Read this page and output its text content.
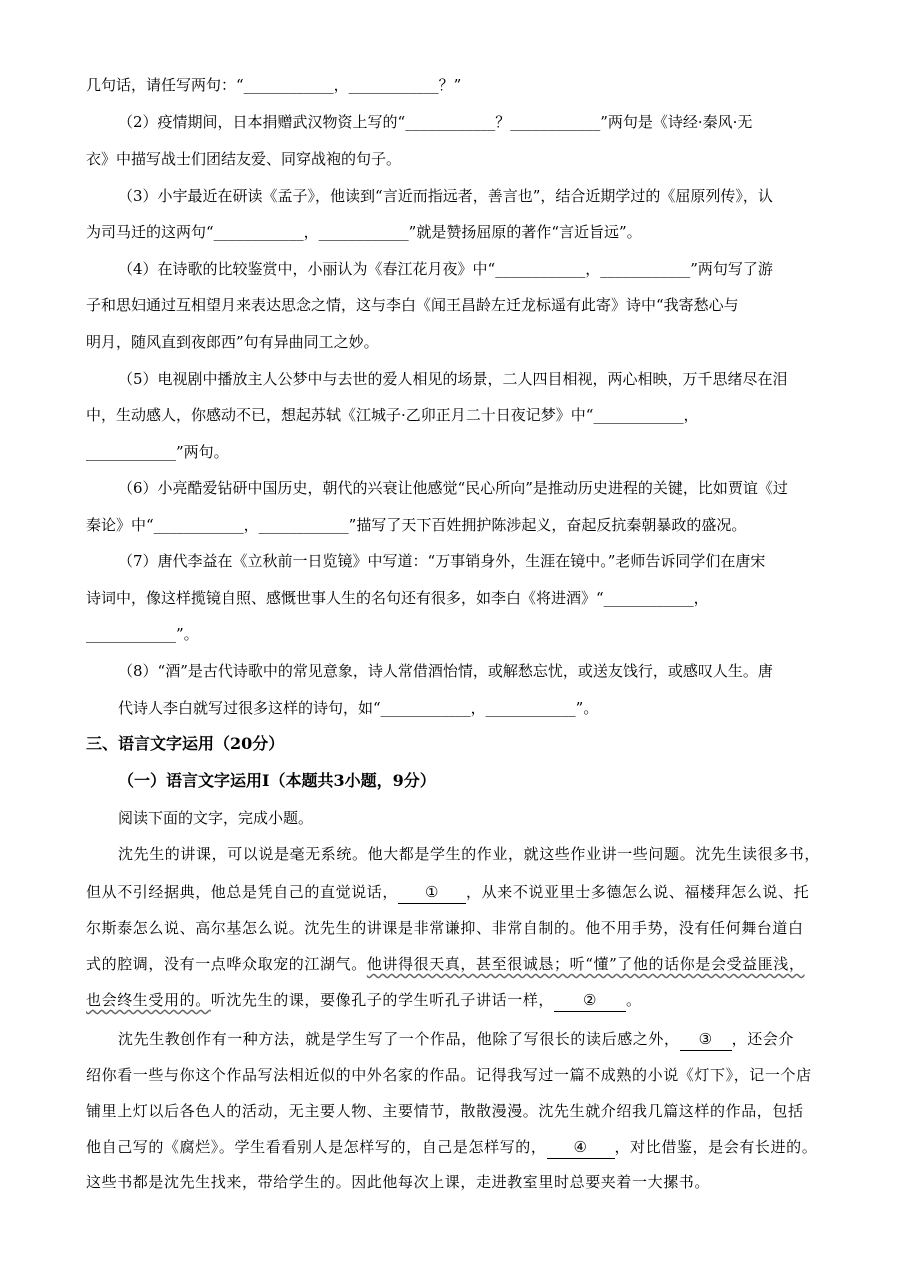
几句话，请任写两句：“____________，____________？”
（2）疫情期间，日本捐赠武汉物资上写的“____________？____________”两句是《诗经·秦风·无
衣》中描写战士们团结友爱、同穿战袍的句子。
（3）小宇最近在研读《孟子》，他读到“言近而指远者，善言也”，结合近期学过的《屈原列传》，认
为司马迁的这两句“____________，____________”就是赞扬屈原的著作“言近旨远”。
（4）在诗歌的比较鉴赏中，小丽认为《春江花月夜》中“____________，____________”两句写了游
子和思妇通过互相望月来表达思念之情，这与李白《闻王昌龄左迁龙标遥有此寄》诗中“我寄愁心与
明月，随风直到夜郎西”句有异曲同工之妙。
（5）电视剧中播放主人公梦中与去世的爱人相见的场景，二人四目相视，两心相映，万千思绪尽在泪
中，生动感人，你感动不已，想起苏轼《江城子·乙卯正月二十日夜记梦》中“____________，
____________”两句。
（6）小亮酷爱钻研中国历史，朝代的兴衰让他感觉“民心所向”是推动历史进程的关键，比如贾谊《过
秦论》中“____________，____________”描写了天下百姓拥护陈涉起义，奋起反抗秦朝暴政的盛况。
（7）唐代李益在《立秋前一日览镜》中写道：“万事销身外，生涯在镜中。”老师告诉同学们在唐宋
诗词中，像这样揽镜自照、感慨世事人生的名句还有很多，如李白《将进酒》“____________，
____________”。
（8）“酒”是古代诗歌中的常见意象，诗人常借酒怡情，或解愁忘忧，或送友饯行，或感叹人生。唐
代诗人李白就写过很多这样的诗句，如“____________，____________”。
三、语言文字运用（20分）
（一）语言文字运用Ⅰ（本题共3小题，9分）
阅读下面的文字，完成小题。
沈先生的讲课，可以说是毫无系统。他大都是学生的作业，就这些作业讲一些问题。沈先生读很多书，
但从不引经据典，他总是凭自己的直觉说话， ① ，从来不说亚里士多德怎么说、福楼拜怎么说、托
尔斯泰怎么说、高尔基怎么说。沈先生的讲课是非常谦抑、非常自制的。他不用手势，没有任何舞台道白
式的腔调，没有一点哗众取宠的江湖气。他讲得很天真，甚至很诚恳；听“懂”了他的话你是会受益匪浅，
也会终生受用的。听沈先生的课，要像孔子的学生听孔子讲话一样， ② 。
沈先生教创作有一种方法，就是学生写了一个作品，他除了写很长的读后感之外， ③ ，还会介
绍你看一些与你这个作品写法相近似的中外名家的作品。记得我写过一篇不成熟的小说《灯下》，记一个店
铺里上灯以后各色人的活动，无主要人物、主要情节，散散漫漫。沈先生就介绍我几篇这样的作品，包括
他自己写的《腐烂》。学生看看别人是怎样写的，自己是怎样写的， ④ ，对比借鉴，是会有长进的。
这些书都是沈先生找来，带给学生的。因此他每次上课，走进教室里时总要夹着一大摞书。
